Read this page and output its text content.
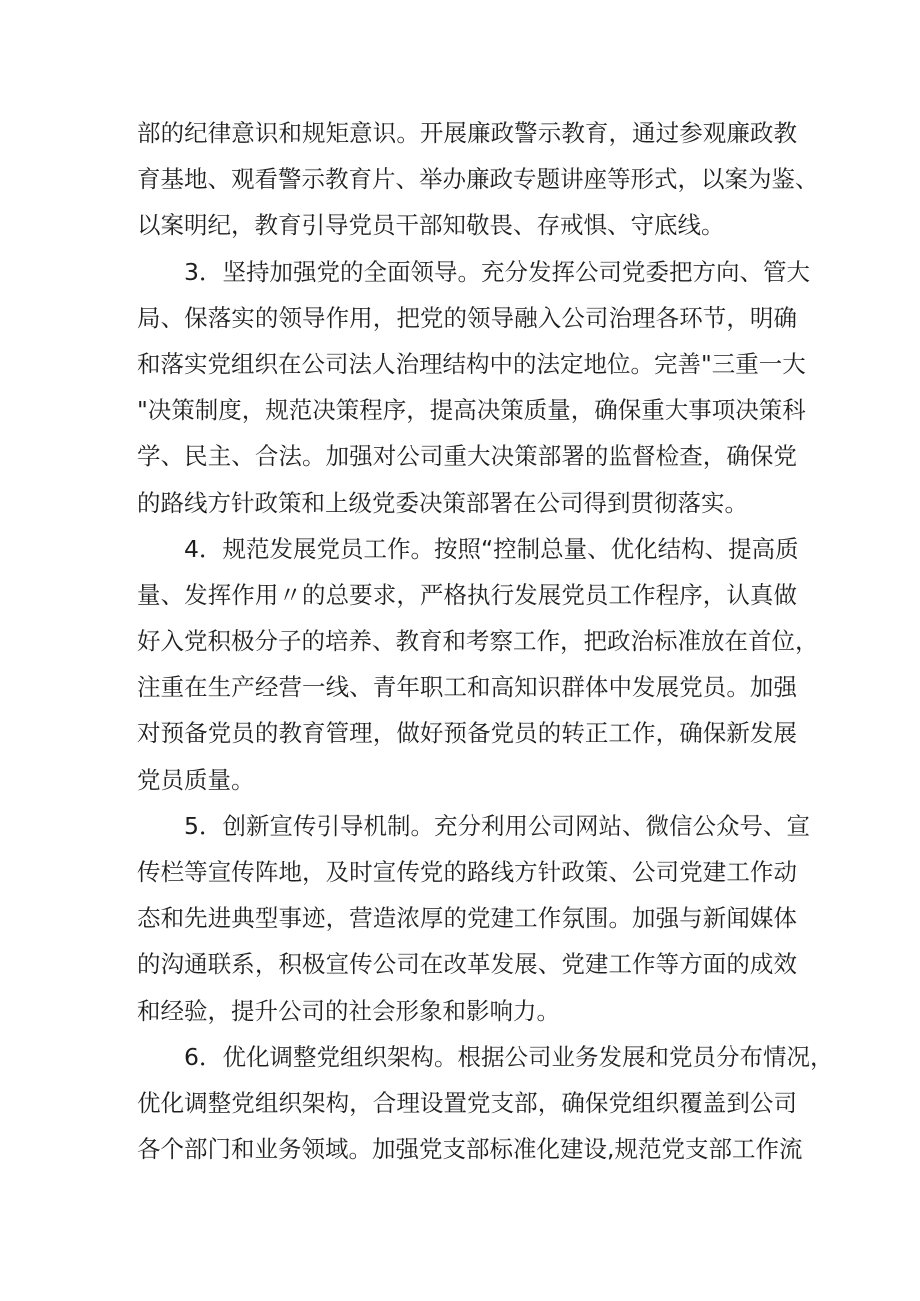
部的纪律意识和规矩意识。开展廉政警示教育，通过参观廉政教
育基地、观看警示教育片、举办廉政专题讲座等形式，以案为鉴、
以案明纪，教育引导党员干部知敬畏、存戒惧、守底线。
3．坚持加强党的全面领导。充分发挥公司党委把方向、管大
局、保落实的领导作用，把党的领导融入公司治理各环节，明确
和落实党组织在公司法人治理结构中的法定地位。完善"三重一大
"决策制度，规范决策程序，提高决策质量，确保重大事项决策科
学、民主、合法。加强对公司重大决策部署的监督检查，确保党
的路线方针政策和上级党委决策部署在公司得到贯彻落实。
4．规范发展党员工作。按照“控制总量、优化结构、提高质
量、发挥作用〃的总要求，严格执行发展党员工作程序，认真做
好入党积极分子的培养、教育和考察工作，把政治标准放在首位，
注重在生产经营一线、青年职工和高知识群体中发展党员。加强
对预备党员的教育管理，做好预备党员的转正工作，确保新发展
党员质量。
5．创新宣传引导机制。充分利用公司网站、微信公众号、宣
传栏等宣传阵地，及时宣传党的路线方针政策、公司党建工作动
态和先进典型事迹，营造浓厚的党建工作氛围。加强与新闻媒体
的沟通联系，积极宣传公司在改革发展、党建工作等方面的成效
和经验，提升公司的社会形象和影响力。
6．优化调整党组织架构。根据公司业务发展和党员分布情况，
优化调整党组织架构，合理设置党支部，确保党组织覆盖到公司
各个部门和业务领域。加强党支部标准化建设,规范党支部工作流
